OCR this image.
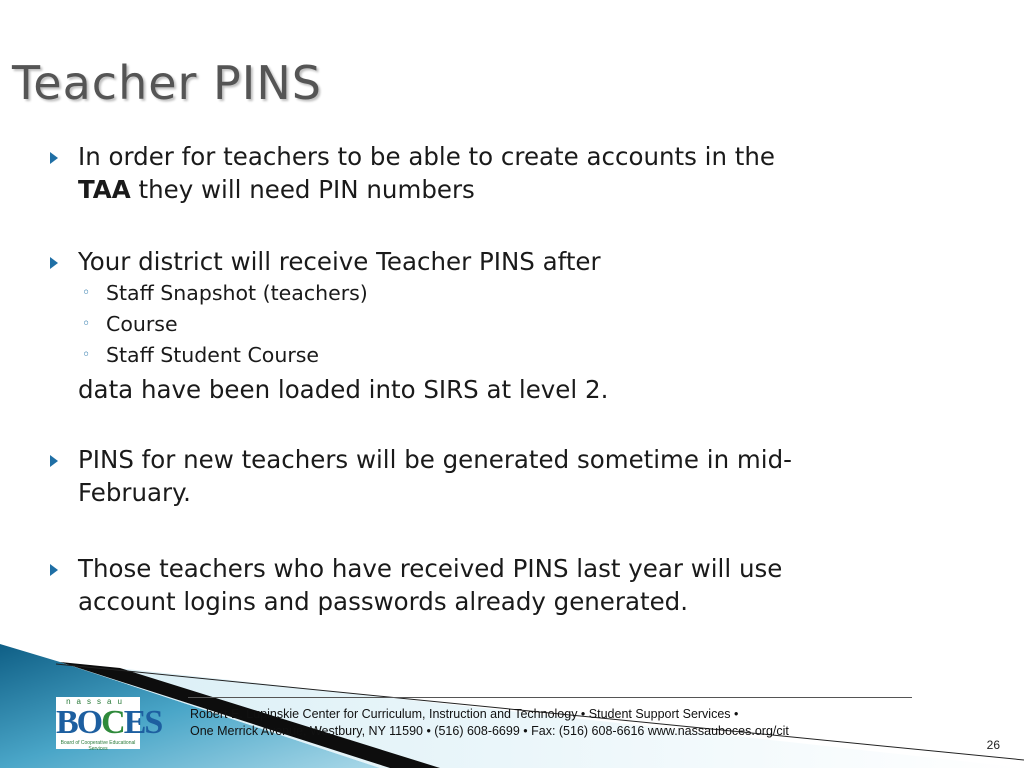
Teacher PINS
In order for teachers to be able to create accounts in the
TAA they will need PIN numbers
Your district will receive Teacher PINS after
◦ Staff Snapshot (teachers)
◦ Course
◦ Staff Student Course
data have been loaded into SIRS at level 2.
PINS for new teachers will be generated sometime in mid-
February.
Those teachers who have received PINS last year will use
account logins and passwords already generated.
nassau
BOCES
Board of Cooperative Educational Services
Robert E. Lupinskie Center for Curriculum, Instruction and Technology • Student Support Services •
One Merrick Avenue, Westbury, NY 11590 • (516) 608-6699 • Fax: (516) 608-6616 www.nassauboces.org/cit
26
